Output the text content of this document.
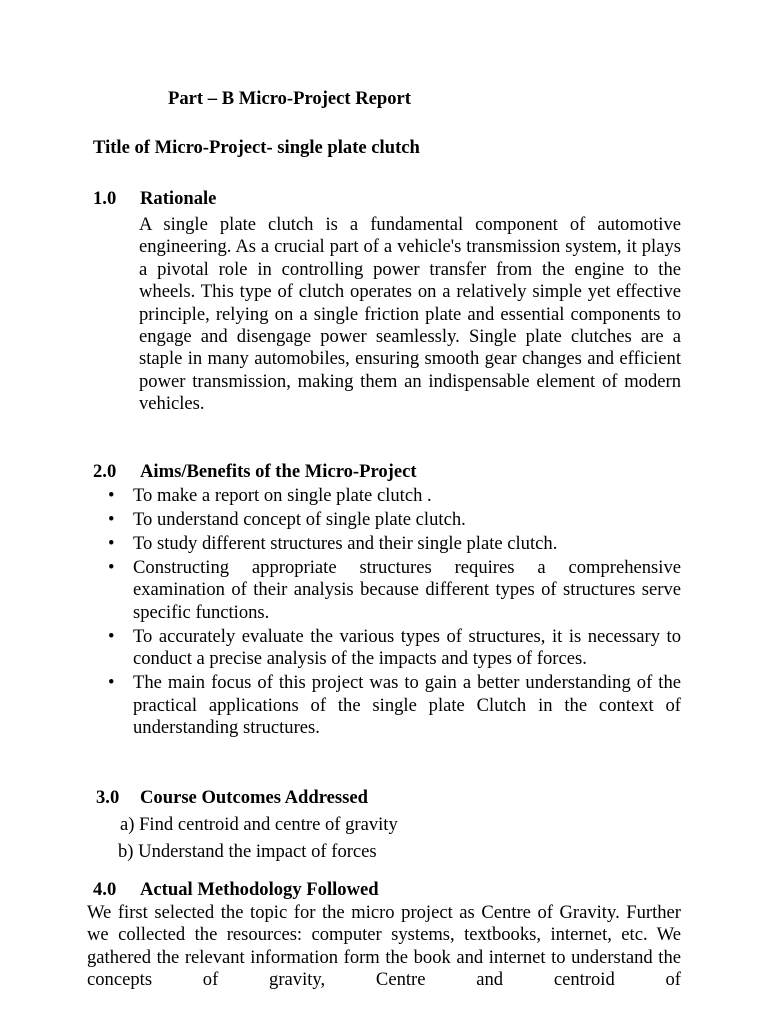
Part – B Micro-Project Report
Title of Micro-Project- single plate clutch
1.0 Rationale
A single plate clutch is a fundamental component of automotive engineering. As a crucial part of a vehicle's transmission system, it plays a pivotal role in controlling power transfer from the engine to the wheels. This type of clutch operates on a relatively simple yet effective principle, relying on a single friction plate and essential components to engage and disengage power seamlessly. Single plate clutches are a staple in many automobiles, ensuring smooth gear changes and efficient power transmission, making them an indispensable element of modern vehicles.
2.0 Aims/Benefits of the Micro-Project
• To make a report on single plate clutch .
• To understand concept of single plate clutch.
• To study different structures and their single plate clutch.
• Constructing appropriate structures requires a comprehensive examination of their analysis because different types of structures serve specific functions.
• To accurately evaluate the various types of structures, it is necessary to conduct a precise analysis of the impacts and types of forces.
• The main focus of this project was to gain a better understanding of the practical applications of the single plate Clutch in the context of understanding structures.
3.0 Course Outcomes Addressed
a) Find centroid and centre of gravity
b) Understand the impact of forces
4.0 Actual Methodology Followed
We first selected the topic for the micro project as Centre of Gravity. Further we collected the resources: computer systems, textbooks, internet, etc. We gathered the relevant information form the book and internet to understand the concepts of gravity, Centre and centroid of
